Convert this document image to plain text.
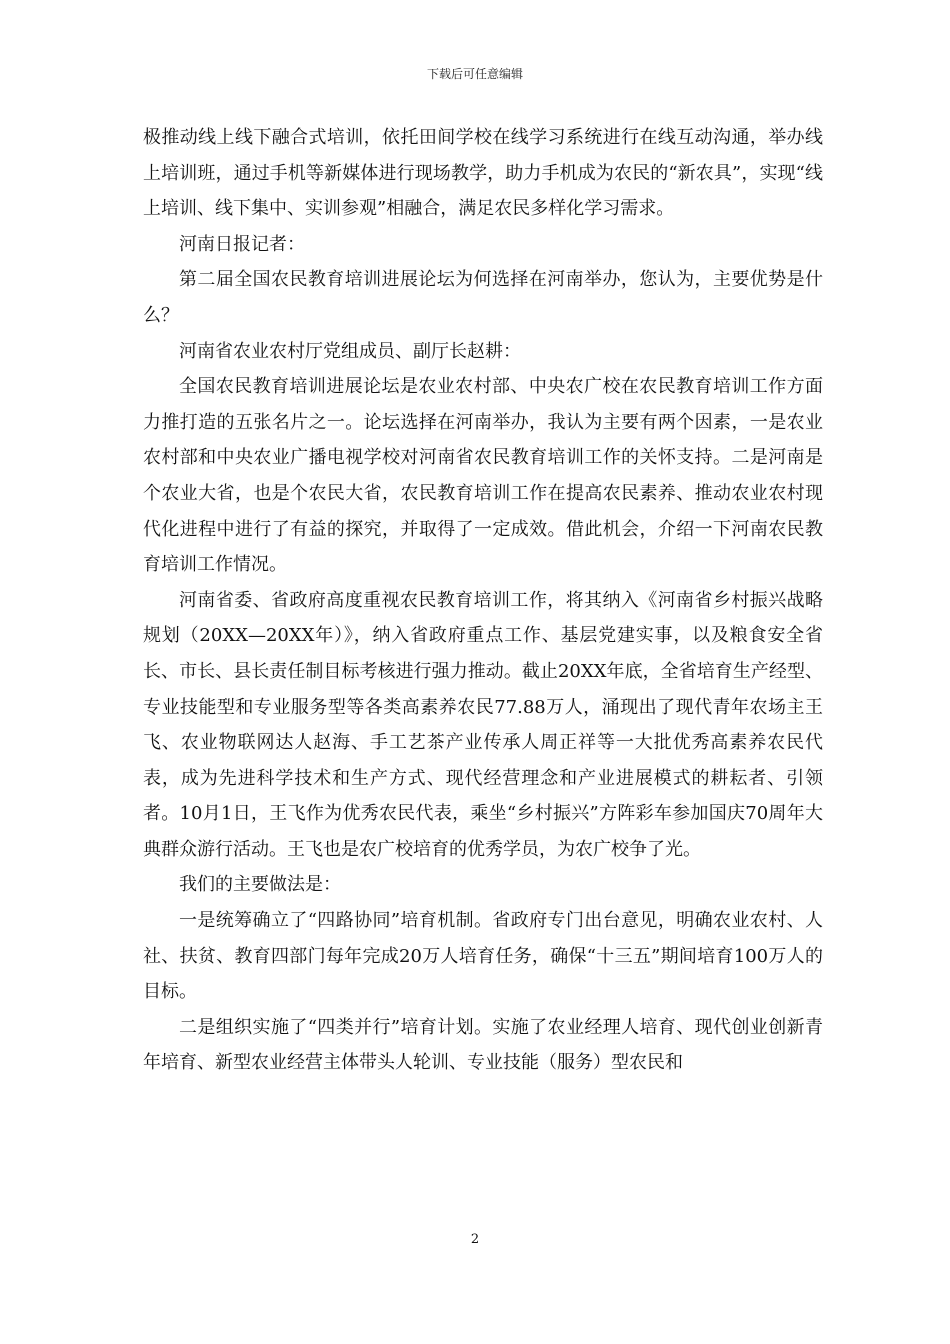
下载后可任意编辑

极推动线上线下融合式培训，依托田间学校在线学习系统进行在线互动沟通，举办线上培训班，通过手机等新媒体进行现场教学，助力手机成为农民的“新农具”，实现“线上培训、线下集中、实训参观”相融合，满足农民多样化学习需求。

河南日报记者：

第二届全国农民教育培训进展论坛为何选择在河南举办，您认为，主要优势是什么？

河南省农业农村厅党组成员、副厅长赵耕：

全国农民教育培训进展论坛是农业农村部、中央农广校在农民教育培训工作方面力推打造的五张名片之一。论坛选择在河南举办，我认为主要有两个因素，一是农业农村部和中央农业广播电视学校对河南省农民教育培训工作的关怀支持。二是河南是个农业大省，也是个农民大省，农民教育培训工作在提高农民素养、推动农业农村现代化进程中进行了有益的探究，并取得了一定成效。借此机会，介绍一下河南农民教育培训工作情况。

河南省委、省政府高度重视农民教育培训工作，将其纳入《河南省乡村振兴战略规划（20XX—20XX年）》，纳入省政府重点工作、基层党建实事，以及粮食安全省长、市长、县长责任制目标考核进行强力推动。截止20XX年底，全省培育生产经型、专业技能型和专业服务型等各类高素养农民77.88万人，涌现出了现代青年农场主王飞、农业物联网达人赵海、手工艺茶产业传承人周正祥等一大批优秀高素养农民代表，成为先进科学技术和生产方式、现代经营理念和产业进展模式的耕耘者、引领者。10月1日，王飞作为优秀农民代表，乘坐“乡村振兴”方阵彩车参加国庆70周年大典群众游行活动。王飞也是农广校培育的优秀学员，为农广校争了光。

我们的主要做法是：

一是统筹确立了“四路协同”培育机制。省政府专门出台意见，明确农业农村、人社、扶贫、教育四部门每年完成20万人培育任务，确保“十三五”期间培育100万人的目标。

二是组织实施了“四类并行”培育计划。实施了农业经理人培育、现代创业创新青年培育、新型农业经营主体带头人轮训、专业技能（服务）型农民和

2
